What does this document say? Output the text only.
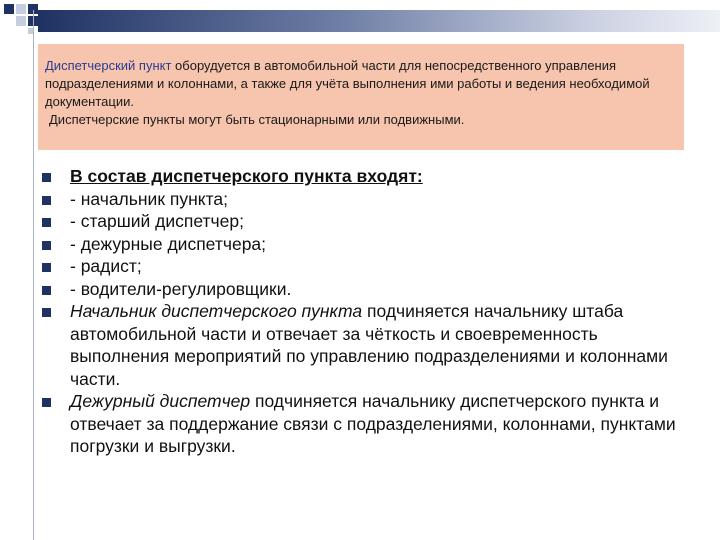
Диспетчерский пункт оборудуется в автомобильной части для непосредственного управления подразделениями и колоннами, а также для учёта выполнения ими работы и ведения необходимой документации.

Диспетчерские пункты могут быть стационарными или подвижными.

В состав диспетчерского пункта входят:
- начальник пункта;
- старший диспетчер;
- дежурные диспетчера;
- радист;
- водители-регулировщики.
Начальник диспетчерского пункта подчиняется начальнику штаба автомобильной части и отвечает за чёткость и своевременность выполнения мероприятий по управлению подразделениями и колоннами части.
Дежурный диспетчер подчиняется начальнику диспетчерского пункта и отвечает за поддержание связи с подразделениями, колоннами, пунктами погрузки и выгрузки.
